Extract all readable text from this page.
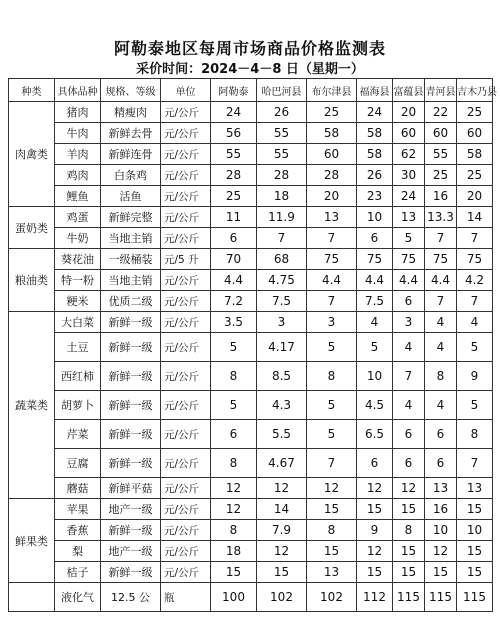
阿勒泰地区每周市场商品价格监测表
采价时间：2024－4－8 日（星期一）
种类	具体品种	规格、等级	单位	阿勒泰	哈巴河县	布尔津县	福海县	富蕴县	青河县	吉木乃县
肉禽类	猪肉	精瘦肉	元/公斤	24	26	25	24	20	22	25
	牛肉	新鲜去骨	元/公斤	56	55	58	58	60	60	60
	羊肉	新鲜连骨	元/公斤	55	55	60	58	62	55	58
	鸡肉	白条鸡	元/公斤	28	28	28	26	30	25	25
	鲤鱼	活鱼	元/公斤	25	18	20	23	24	16	20
蛋奶类	鸡蛋	新鲜完整	元/公斤	11	11.9	13	10	13	13.3	14
	牛奶	当地主销	元/公斤	6	7	7	6	5	7	7
粮油类	葵花油	一级桶装	元/5 升	70	68	75	75	75	75	75
	特一粉	当地主销	元/公斤	4.4	4.75	4.4	4.4	4.4	4.4	4.2
	粳米	优质二级	元/公斤	7.2	7.5	7	7.5	6	7	7
蔬菜类	大白菜	新鲜一级	元/公斤	3.5	3	3	4	3	4	4
	土豆	新鲜一级	元/公斤	5	4.17	5	5	4	4	5
	西红柿	新鲜一级	元/公斤	8	8.5	8	10	7	8	9
	胡萝卜	新鲜一级	元/公斤	5	4.3	5	4.5	4	4	5
	芹菜	新鲜一级	元/公斤	6	5.5	5	6.5	6	6	8
	豆腐	新鲜一级	元/公斤	8	4.67	7	6	6	6	7
	蘑菇	新鲜平菇	元/公斤	12	12	12	12	12	13	13
鲜果类	苹果	地产一级	元/公斤	12	14	15	15	15	16	15
	香蕉	新鲜一级	元/公斤	8	7.9	8	9	8	10	10
	梨	地产一级	元/公斤	18	12	15	12	15	12	15
	桔子	新鲜一级	元/公斤	15	15	13	15	15	15	15
	液化气	12.5 公	瓶	100	102	102	112	115	115	115
